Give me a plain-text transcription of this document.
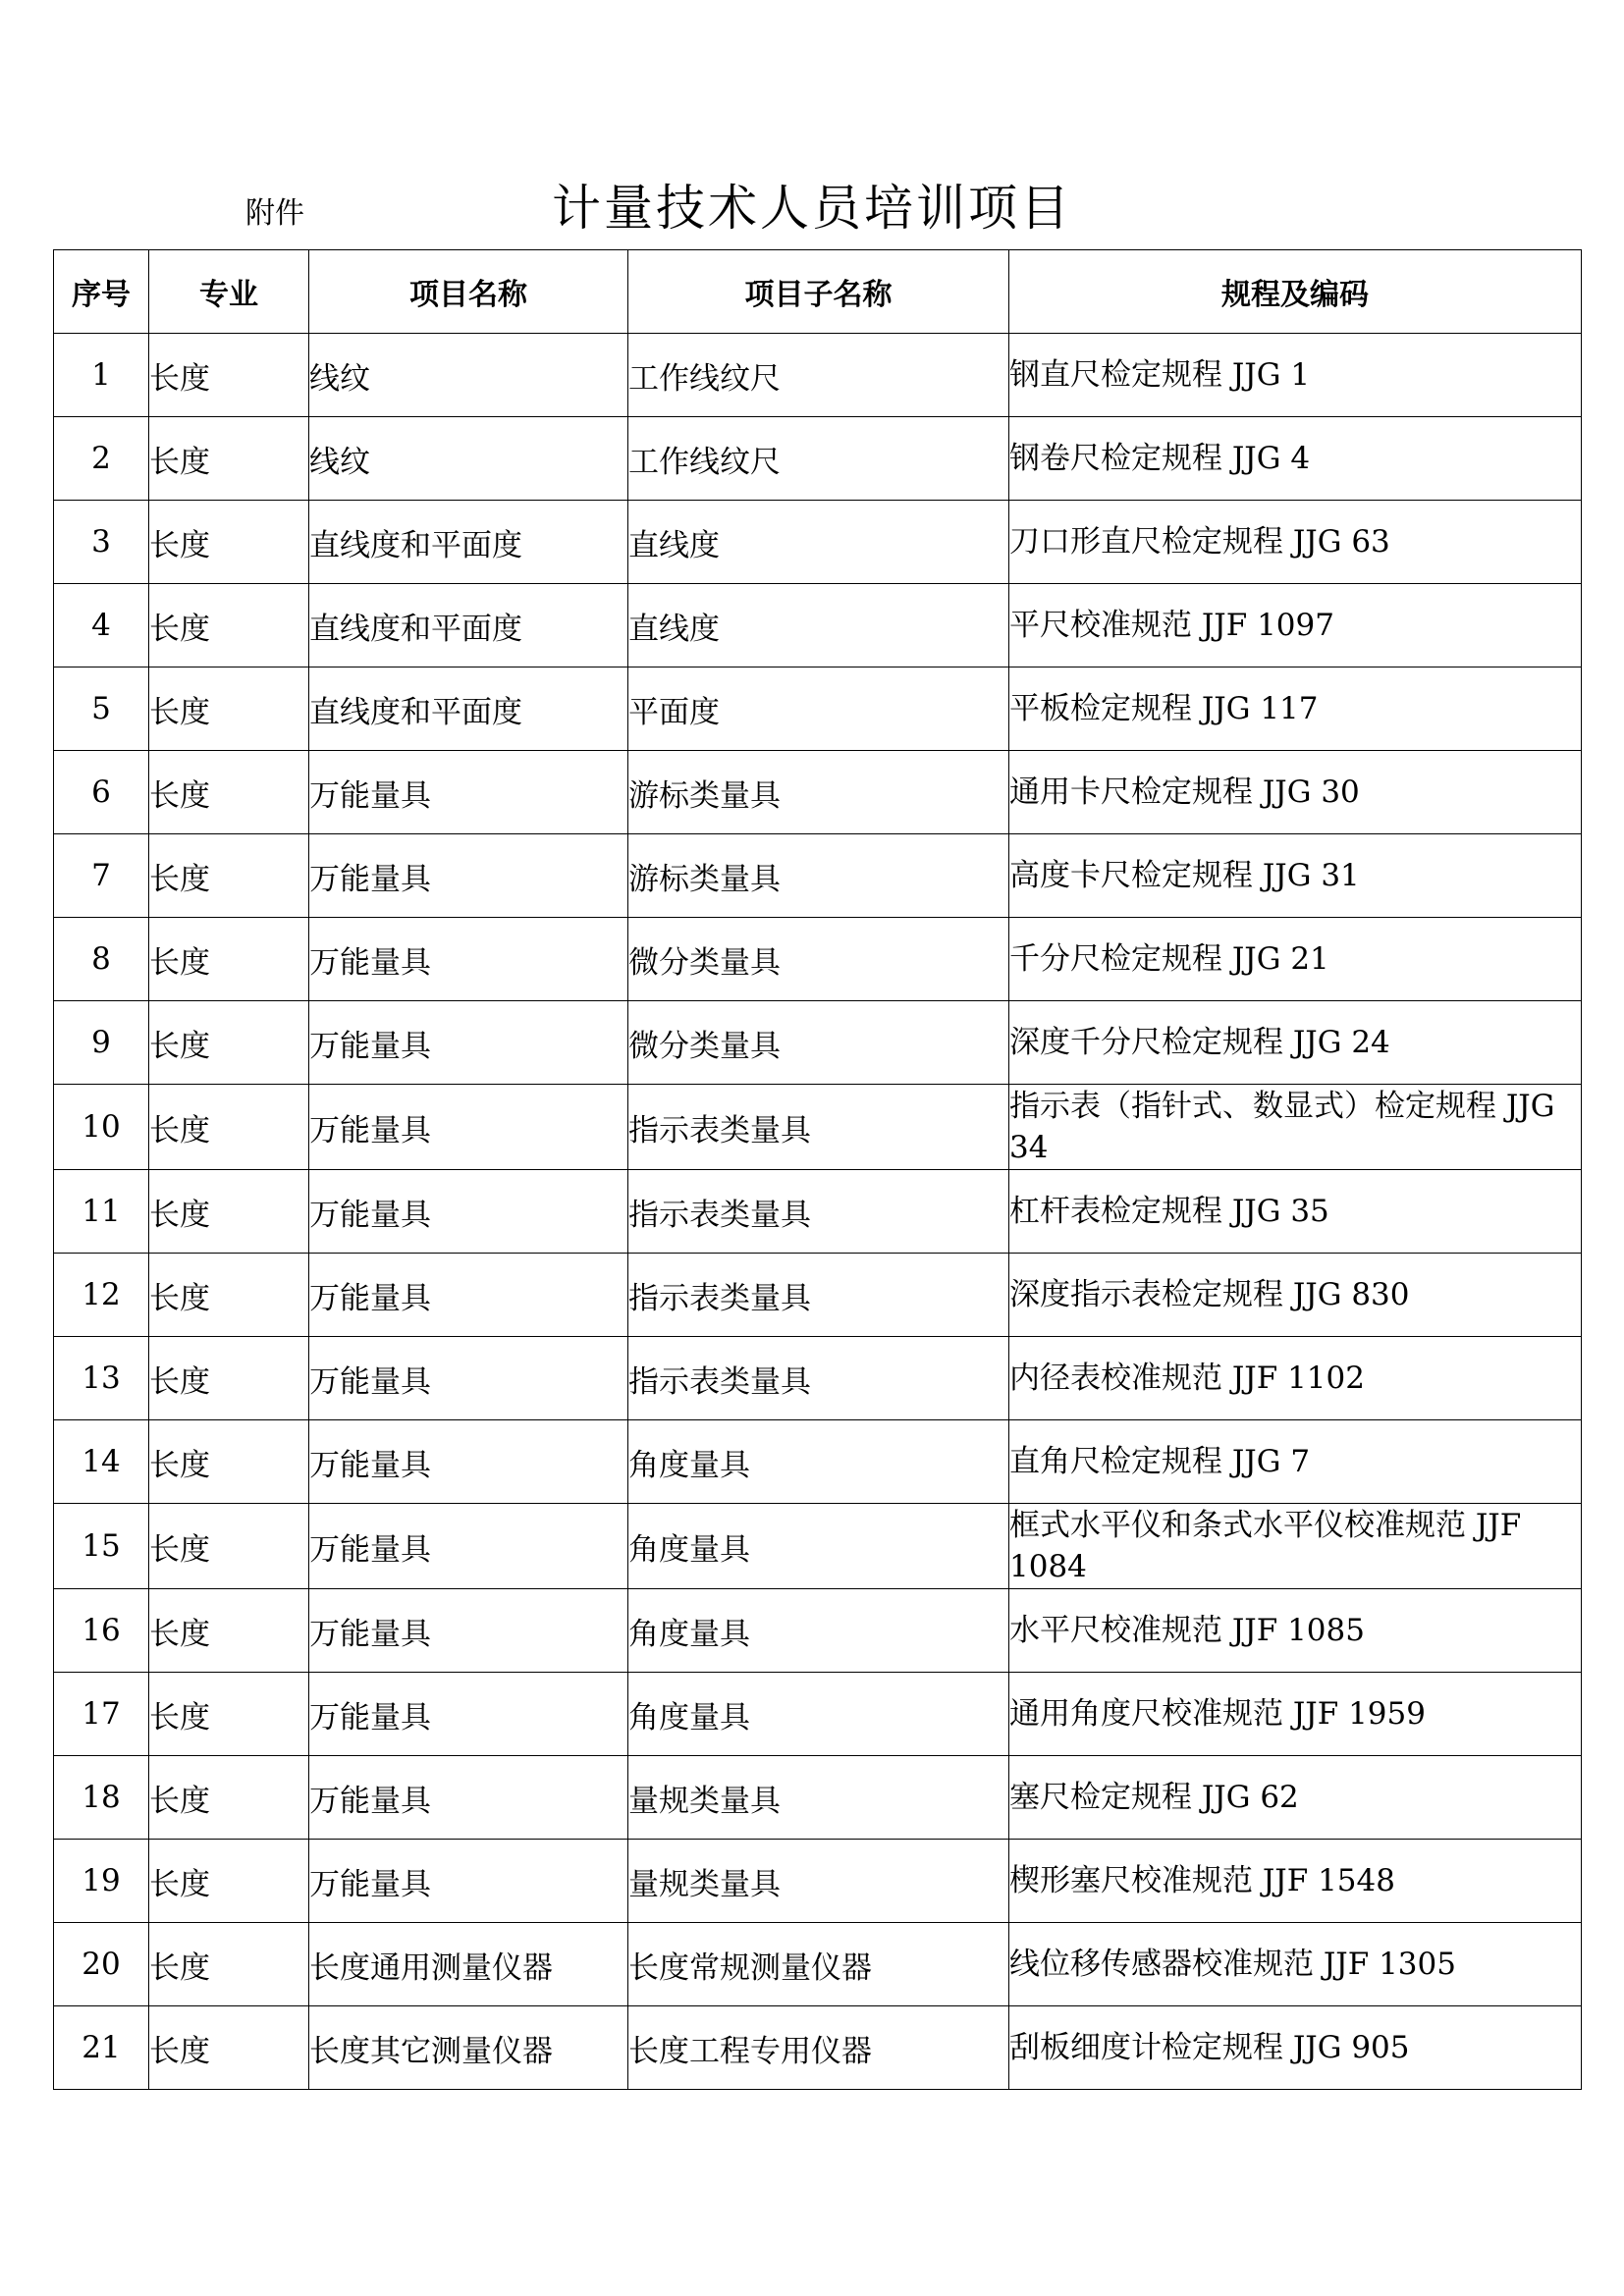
附件	计量技术人员培训项目
序号	专业	项目名称	项目子名称	规程及编码
1	长度	线纹	工作线纹尺	钢直尺检定规程 JJG 1
2	长度	线纹	工作线纹尺	钢卷尺检定规程 JJG 4
3	长度	直线度和平面度	直线度	刀口形直尺检定规程 JJG 63
4	长度	直线度和平面度	直线度	平尺校准规范 JJF 1097
5	长度	直线度和平面度	平面度	平板检定规程 JJG 117
6	长度	万能量具	游标类量具	通用卡尺检定规程 JJG 30
7	长度	万能量具	游标类量具	高度卡尺检定规程 JJG 31
8	长度	万能量具	微分类量具	千分尺检定规程 JJG 21
9	长度	万能量具	微分类量具	深度千分尺检定规程 JJG 24
10	长度	万能量具	指示表类量具	指示表（指针式、数显式）检定规程 JJG 34
11	长度	万能量具	指示表类量具	杠杆表检定规程 JJG 35
12	长度	万能量具	指示表类量具	深度指示表检定规程 JJG 830
13	长度	万能量具	指示表类量具	内径表校准规范 JJF 1102
14	长度	万能量具	角度量具	直角尺检定规程 JJG 7
15	长度	万能量具	角度量具	框式水平仪和条式水平仪校准规范 JJF 1084
16	长度	万能量具	角度量具	水平尺校准规范 JJF 1085
17	长度	万能量具	角度量具	通用角度尺校准规范 JJF 1959
18	长度	万能量具	量规类量具	塞尺检定规程 JJG 62
19	长度	万能量具	量规类量具	楔形塞尺校准规范 JJF 1548
20	长度	长度通用测量仪器	长度常规测量仪器	线位移传感器校准规范 JJF 1305
21	长度	长度其它测量仪器	长度工程专用仪器	刮板细度计检定规程 JJG 905
